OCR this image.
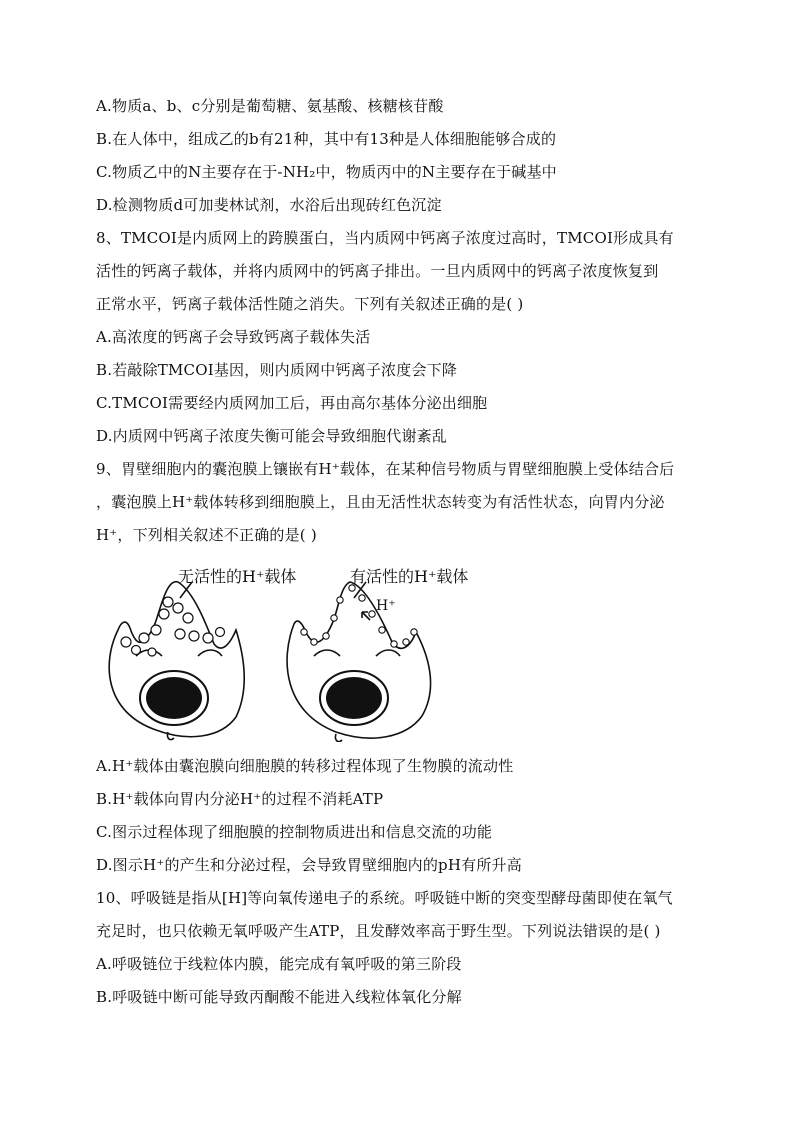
A.物质a、b、c分别是葡萄糖、氨基酸、核糖核苷酸
B.在人体中，组成乙的b有21种，其中有13种是人体细胞能够合成的
C.物质乙中的N主要存在于-NH₂中，物质丙中的N主要存在于碱基中
D.检测物质d可加斐林试剂，水浴后出现砖红色沉淀
8、TMCOI是内质网上的跨膜蛋白，当内质网中钙离子浓度过高时，TMCOI形成具有
活性的钙离子载体，并将内质网中的钙离子排出。一旦内质网中的钙离子浓度恢复到
正常水平，钙离子载体活性随之消失。下列有关叙述正确的是( )
A.高浓度的钙离子会导致钙离子载体失活
B.若敲除TMCOI基因，则内质网中钙离子浓度会下降
C.TMCOI需要经内质网加工后，再由高尔基体分泌出细胞
D.内质网中钙离子浓度失衡可能会导致细胞代谢紊乱
9、胃壁细胞内的囊泡膜上镶嵌有H⁺载体，在某种信号物质与胃壁细胞膜上受体结合后
，囊泡膜上H⁺载体转移到细胞膜上，且由无活性状态转变为有活性状态，向胃内分泌
H⁺，下列相关叙述不正确的是( )
无活性的H⁺载体	有活性的H⁺载体
H⁺
A.H⁺载体由囊泡膜向细胞膜的转移过程体现了生物膜的流动性
B.H⁺载体向胃内分泌H⁺的过程不消耗ATP
C.图示过程体现了细胞膜的控制物质进出和信息交流的功能
D.图示H⁺的产生和分泌过程，会导致胃壁细胞内的pH有所升高
10、呼吸链是指从[H]等向氧传递电子的系统。呼吸链中断的突变型酵母菌即使在氧气
充足时，也只依赖无氧呼吸产生ATP，且发酵效率高于野生型。下列说法错误的是( )
A.呼吸链位于线粒体内膜，能完成有氧呼吸的第三阶段
B.呼吸链中断可能导致丙酮酸不能进入线粒体氧化分解
